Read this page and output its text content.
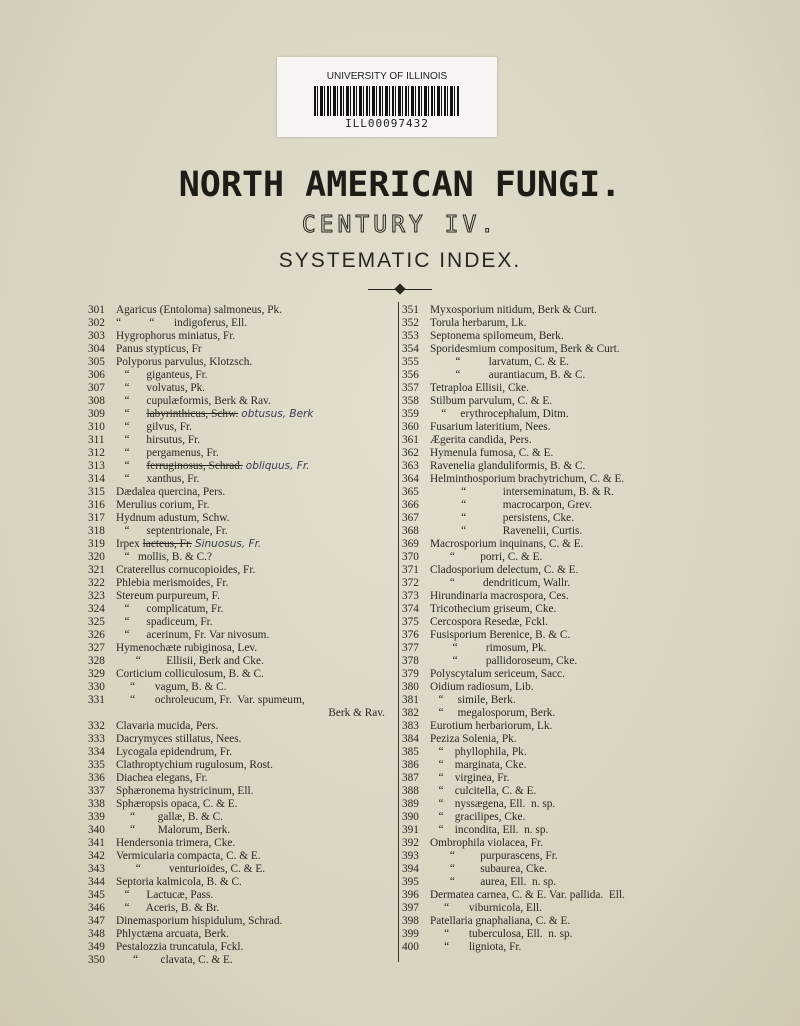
UNIVERSITY OF ILLINOIS
ILL00097432
NORTH AMERICAN FUNGI.
CENTURY IV.
SYSTEMATIC INDEX.
301 Agaricus (Entoloma) salmoneus, Pk.
302 “          “       indigoferus, Ell.
303 Hygrophorus miniatus, Fr.
304 Panus stypticus, Fr
305 Polyporus parvulus, Klotzsch.
306 “      giganteus, Fr.
307 “      volvatus, Pk.
308 “      cupulæformis, Berk & Rav.
309 “      labyrinthicus, Schw. obtusus, Berk
310 “      gilvus, Fr.
311	“      hirsutus, Fr.
312 “      pergamenus, Fr.
313 “      ferruginosus, Schrad. obliquus, Fr.
314 “      xanthus, Fr.
315 Dædalea quercina, Pers.
316 Merulius corium, Fr.
317 Hydnum adustum, Schw.
318 “      septentrionale, Fr.
319 Irpex lacteus, Fr. Sinuosus, Fr.
320 “   mollis, B. & C.?
321 Craterellus cornucopioides, Fr.
322 Phlebia merismoides, Fr.
323 Stereum purpureum, F.
324 “      complicatum, Fr.
325 “      spadiceum, Fr.
326 “      acerinum, Fr. Var nivosum.
327 Hymenochæte rubiginosa, Lev.
328 “         Ellisii, Berk and Cke.
329 Corticium colliculosum, B. & C.
330 “       vagum, B. & C.
331 “       ochroleucum, Fr.  Var. spumeum,
Berk & Rav.
332 Clavaria mucida, Pers.
333 Dacrymyces stillatus, Nees.
334 Lycogala epidendrum, Fr.
335 Clathroptychium rugulosum, Rost.
336 Diachea elegans, Fr.
337 Sphæronema hystricinum, Ell.
338 Sphæropsis opaca, C. & E.
339 “        gallæ, B. & C.
340 “        Malorum, Berk.
341 Hendersonia trimera, Cke.
342 Vermicularia compacta, C. & E.
343 “          venturioides, C. & E.
344 Septoria kalmicola, B. & C.
345 “      Lactucæ, Pass.
346 “      Aceris, B. & Br.
347 Dinemasporium hispidulum, Schrad.
348 Phlyctæna arcuata, Berk.
349 Pestalozzia truncatula, Fckl.
350 “        clavata, C. & E.
351 Myxosporium nitidum, Berk & Curt.
352 Torula herbarum, Lk.
353 Septonema spilomeum, Berk.
354 Sporidesmium compositum, Berk & Curt.
355 “          larvatum, C. & E.
356 “          aurantiacum, B. & C.
357 Tetraploa Ellisii, Cke.
358 Stilbum parvulum, C. & E.
359 “     erythrocephalum, Ditm.
360 Fusarium lateritium, Nees.
361 Ægerita candida, Pers.
362 Hymenula fumosa, C. & E.
363 Ravenelia glanduliformis, B. & C.
364 Helminthosporium brachytrichum, C. & E.
365 “             interseminatum, B. & R.
366 “             macrocarpon, Grev.
367 “             persistens, Cke.
368 “             Ravenelii, Curtis.
369 Macrosporium inquinans, C. & E.
370 “         porri, C. & E.
371 Cladosporium delectum, C. & E.
372 “          dendriticum, Wallr.
373 Hirundinaria macrospora, Ces.
374 Tricothecium griseum, Cke.
375 Cercospora Resedæ, Fckl.
376 Fusisporium Berenice, B. & C.
377 “          rimosum, Pk.
378 “          pallidoroseum, Cke.
379 Polyscytalum sericeum, Sacc.
380 Oidium radiosum, Lib.
381 “     simile, Berk.
382 “     megalosporum, Berk.
383 Eurotium herbariorum, Lk.
384 Peziza Solenia, Pk.
385 “    phyllophila, Pk.
386 “    marginata, Cke.
387 “    virginea, Fr.
388 “    culcitella, C. & E.
389 “    nyssægena, Ell.  n. sp.
390 “    gracilipes, Cke.
391 “    incondita, Ell.  n. sp.
392 Ombrophila violacea, Fr.
393 “         purpurascens, Fr.
394 “         subaurea, Cke.
395 “         aurea, Ell.  n. sp.
396 Dermatea carnea, C. & E. Var. pallida.  Ell.
397 “       viburnicola, Ell.
398 Patellaria gnaphaliana, C. & E.
399 “       tuberculosa, Ell.  n. sp.
400 “       ligniota, Fr.
